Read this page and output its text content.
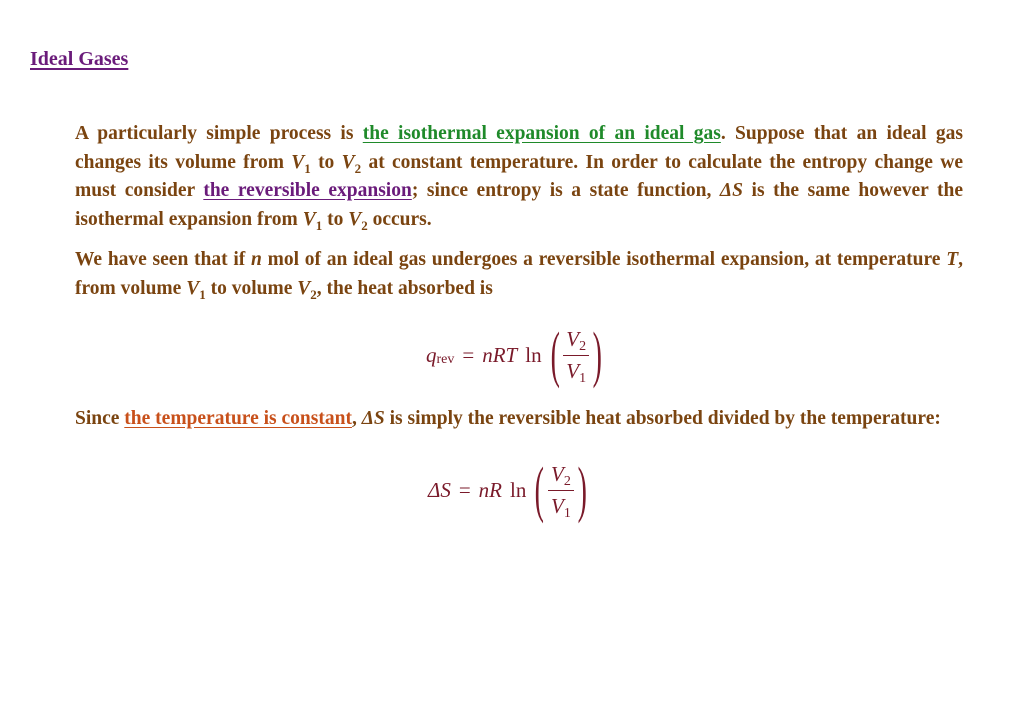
Ideal Gases

A particularly simple process is the isothermal expansion of an ideal gas. Suppose that an ideal gas changes its volume from $V_1$ to $V_2$ at constant temperature. In order to calculate the entropy change we must consider the reversible expansion; since entropy is a state function, ΔS is the same however the isothermal expansion from $V_1$ to $V_2$ occurs.

We have seen that if n mol of an ideal gas undergoes a reversible isothermal expansion, at temperature T, from volume $V_1$ to volume $V_2$, the heat absorbed is

q rev = nRT ln ( $\frac{V2}{V1}$ )

Since the temperature is constant, ΔS is simply the reversible heat absorbed divided by the temperature:

ΔS = nR ln ( $\frac{V2}{V1}$ )
